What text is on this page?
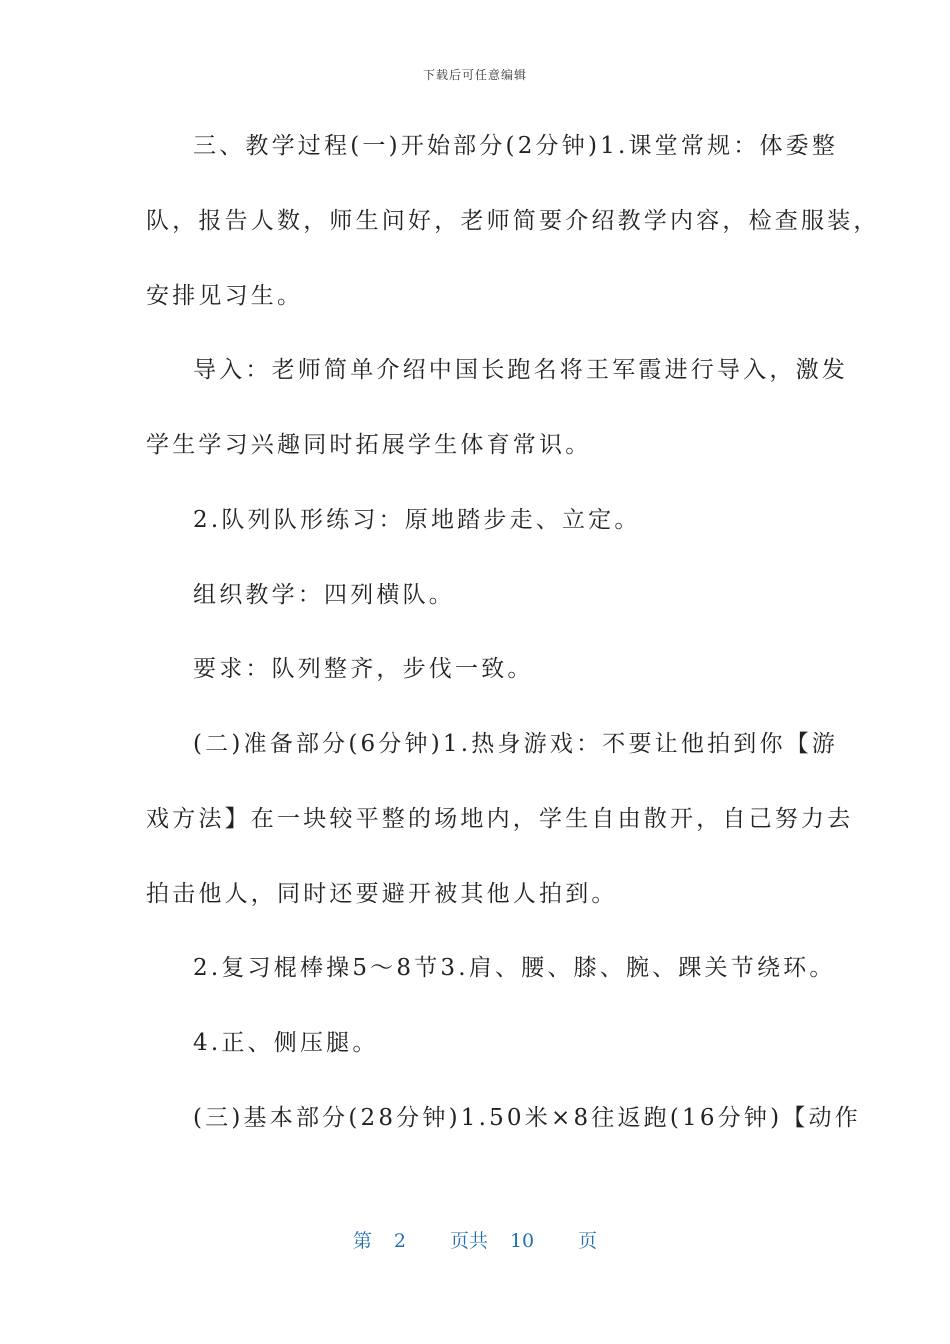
下载后可任意编辑
三、教学过程(一)开始部分(2分钟)1.课堂常规：体委整
队，报告人数，师生问好，老师简要介绍教学内容，检查服装，
安排见习生。
导入：老师简单介绍中国长跑名将王军霞进行导入，激发
学生学习兴趣同时拓展学生体育常识。
2.队列队形练习：原地踏步走、立定。
组织教学：四列横队。
要求：队列整齐，步伐一致。
(二)准备部分(6分钟)1.热身游戏：不要让他拍到你【游
戏方法】在一块较平整的场地内，学生自由散开，自己努力去
拍击他人，同时还要避开被其他人拍到。
2.复习棍棒操5～8节3.肩、腰、膝、腕、踝关节绕环。
4.正、侧压腿。
(三)基本部分(28分钟)1.50米×8往返跑(16分钟)【动作
第 2 页共 10 页
